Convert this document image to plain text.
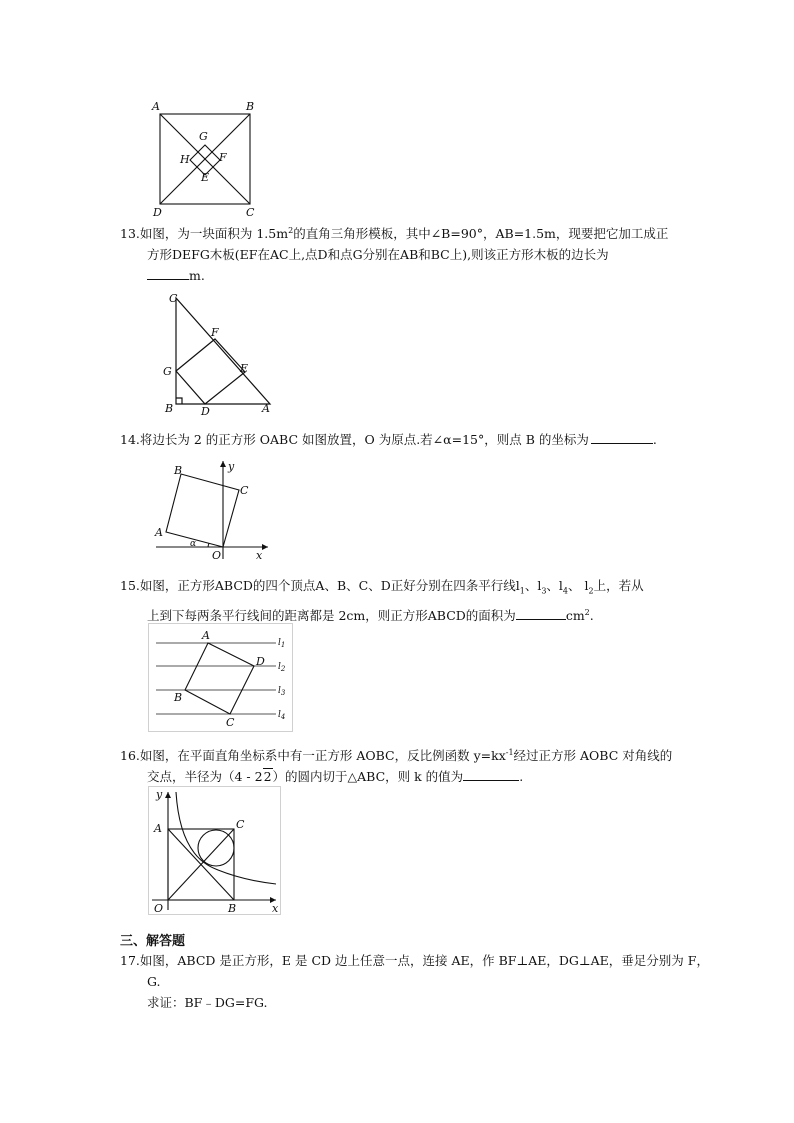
A	B
C
D
G
F
H
E
13.如图，为一块面积为 $1.5m^2$的直角三角形模板，其中∠B=90°，AB=1.5m，现要把它加工成正
方形DEFG木板(EF在AC上,点D和点G分别在AB和BC上),则该正方形木板的边长为
m.
C
F
G	E
B	D	A
14.将边长为 2 的正方形 OABC 如图放置，O 为原点.若∠α=15°，则点 B 的坐标为	.
B	y
C
A
α
O	x
15.如图，正方形ABCD的四个顶点A、B、C、D正好分别在四条平行线$l_1$、$l_3$、$l_4$、 $l_2$上，若从
上到下每两条平行线间的距离都是 2cm，则正方形ABCD的面积为	$cm^2$.
A
D
B
C
$l_1$
$l_2$
$l_3$
$l_4$
16.如图，在平面直角坐标系中有一正方形 AOBC，反比例函数 $y=kx^{-1}$经过正方形 AOBC 对角线的
交点，半径为（4 - 22）的圆内切于△ABC，则 k 的值为	.
y
A	C
O	B	x
三、解答题
17.如图，ABCD 是正方形，E 是 CD 边上任意一点，连接 AE，作 BF⊥AE，DG⊥AE，垂足分别为 F，
G.
求证：BF﹣DG=FG.
